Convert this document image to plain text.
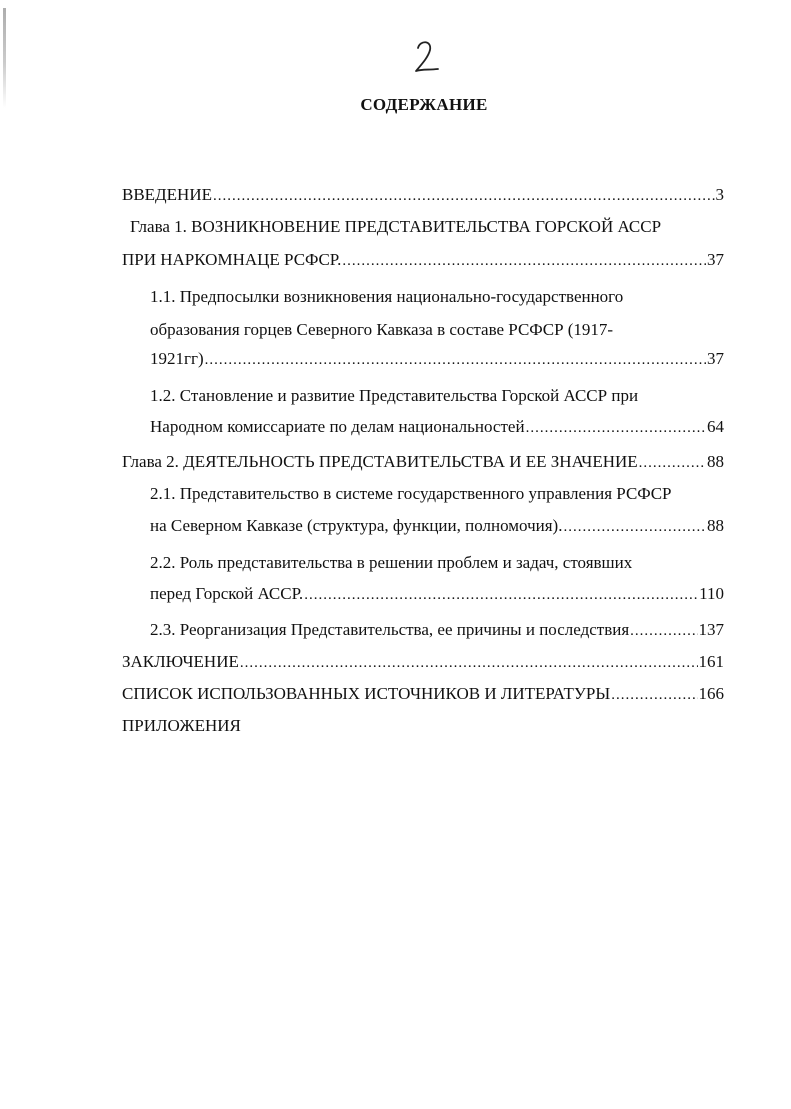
СОДЕРЖАНИЕ
ВВЕДЕНИЕ .....	3
Глава 1. ВОЗНИКНОВЕНИЕ ПРЕДСТАВИТЕЛЬСТВА ГОРСКОЙ АССР
ПРИ НАРКОМНАЦЕ РСФСР. .....	37
1.1. Предпосылки возникновения национально-государственного
образования горцев Северного Кавказа в составе РСФСР (1917-
1921гг) .....	37
1.2. Становление и развитие Представительства Горской АССР при
Народном комиссариате по делам национальностей .....	64
Глава 2. ДЕЯТЕЛЬНОСТЬ ПРЕДСТАВИТЕЛЬСТВА И ЕЕ ЗНАЧЕНИЕ .....	88
2.1. Представительство в системе государственного управления РСФСР
на Северном Кавказе (структура, функции, полномочия). .....	88
2.2. Роль представительства в решении проблем и задач, стоявших
перед Горской АССР. .....	110
2.3. Реорганизация Представительства, ее причины и последствия .....	137
ЗАКЛЮЧЕНИЕ .....	161
СПИСОК ИСПОЛЬЗОВАННЫХ ИСТОЧНИКОВ И ЛИТЕРАТУРЫ .....	166
ПРИЛОЖЕНИЯ
